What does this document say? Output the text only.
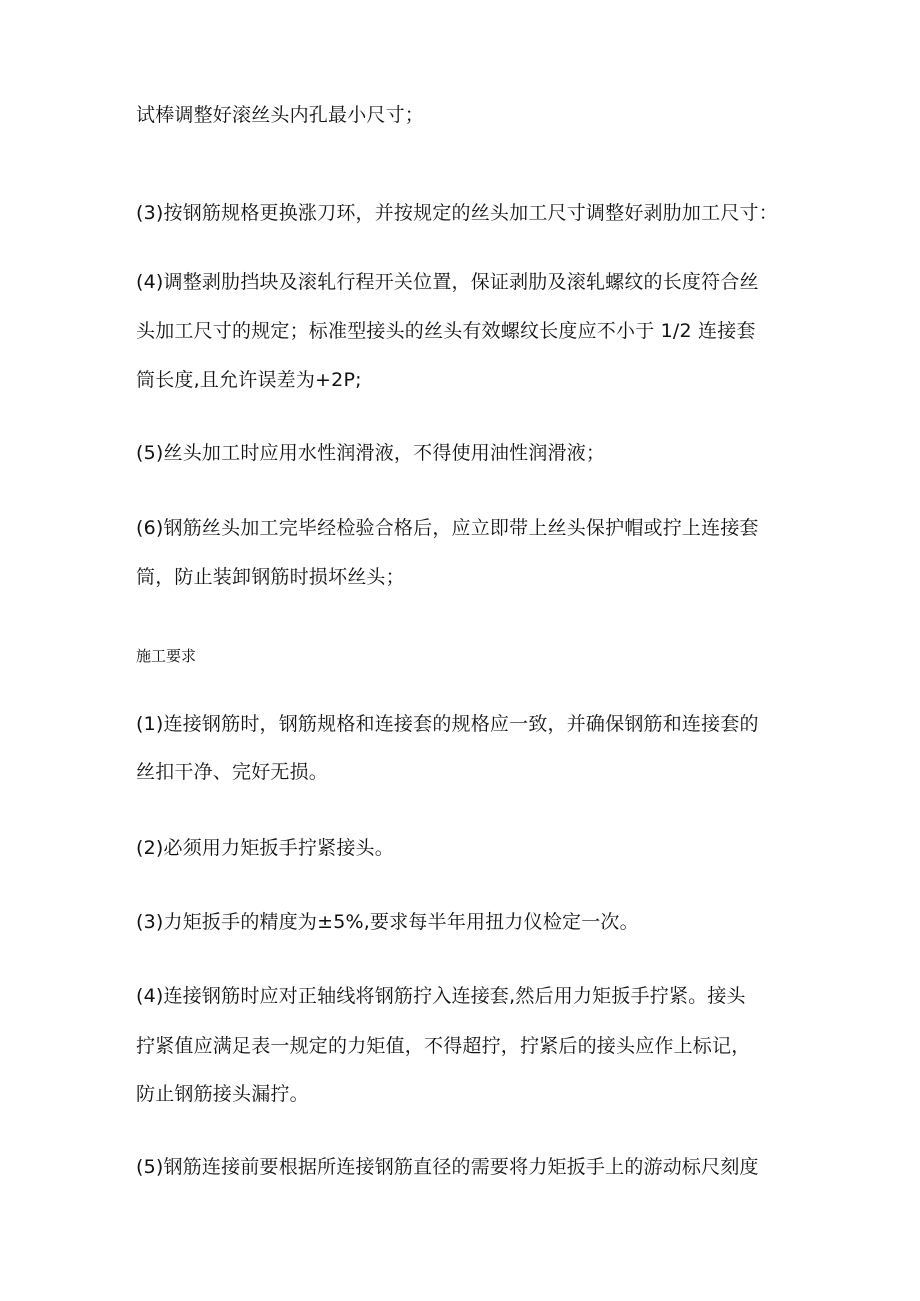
试棒调整好滚丝头内孔最小尺寸；
(3)按钢筋规格更换涨刀环，并按规定的丝头加工尺寸调整好剥肋加工尺寸：
(4)调整剥肋挡块及滚轧行程开关位置，保证剥肋及滚轧螺纹的长度符合丝
头加工尺寸的规定；标准型接头的丝头有效螺纹长度应不小于 1/2 连接套
筒长度,且允许误差为+2P;
(5)丝头加工时应用水性润滑液，不得使用油性润滑液；
(6)钢筋丝头加工完毕经检验合格后，应立即带上丝头保护帽或拧上连接套
筒，防止装卸钢筋时损坏丝头；
施工要求
(1)连接钢筋时，钢筋规格和连接套的规格应一致，并确保钢筋和连接套的
丝扣干净、完好无损。
(2)必须用力矩扳手拧紧接头。
(3)力矩扳手的精度为±5%,要求每半年用扭力仪检定一次。
(4)连接钢筋时应对正轴线将钢筋拧入连接套,然后用力矩扳手拧紧。接头
拧紧值应满足表一规定的力矩值，不得超拧，拧紧后的接头应作上标记，
防止钢筋接头漏拧。
(5)钢筋连接前要根据所连接钢筋直径的需要将力矩扳手上的游动标尺刻度
